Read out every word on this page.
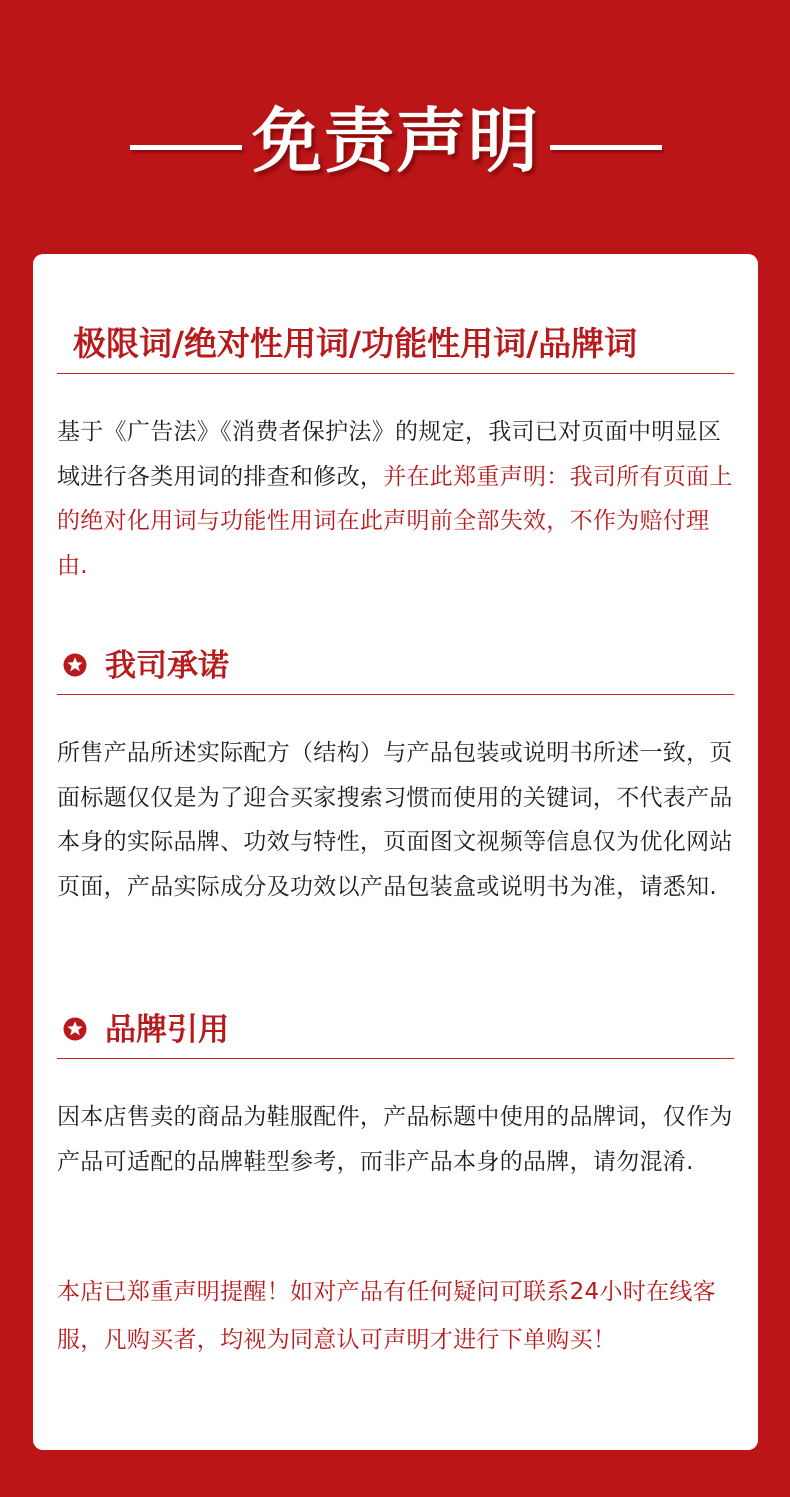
免责声明
极限词/绝对性用词/功能性用词/品牌词

基于《广告法》《消费者保护法》的规定，我司已对页面中明显区域进行各类用词的排查和修改，并在此郑重声明：我司所有页面上的绝对化用词与功能性用词在此声明前全部失效，不作为赔付理由.

我司承诺

所售产品所述实际配方（结构）与产品包装或说明书所述一致，页面标题仅仅是为了迎合买家搜索习惯而使用的关键词，不代表产品本身的实际品牌、功效与特性，页面图文视频等信息仅为优化网站页面，产品实际成分及功效以产品包装盒或说明书为准，请悉知.

品牌引用

因本店售卖的商品为鞋服配件，产品标题中使用的品牌词，仅作为产品可适配的品牌鞋型参考，而非产品本身的品牌，请勿混淆.

本店已郑重声明提醒！如对产品有任何疑问可联系24小时在线客服，凡购买者，均视为同意认可声明才进行下单购买！
